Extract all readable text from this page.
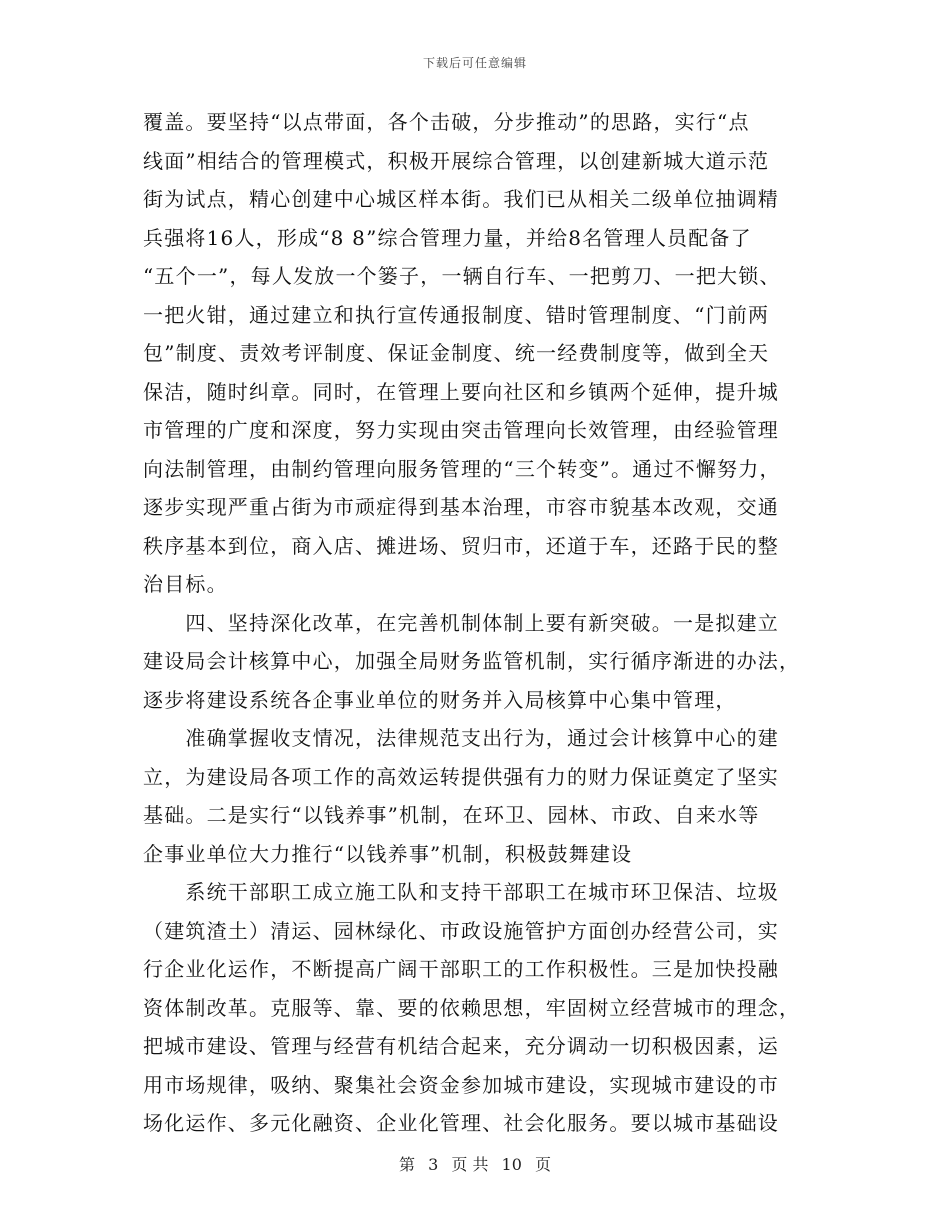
下载后可任意编辑
覆盖。要坚持“以点带面，各个击破，分步推动”的思路，实行“点
线面”相结合的管理模式，积极开展综合管理，以创建新城大道示范
街为试点，精心创建中心城区样本街。我们已从相关二级单位抽调精
兵强将16人，形成“8 8”综合管理力量，并给8名管理人员配备了
“五个一”，每人发放一个篓子，一辆自行车、一把剪刀、一把大锁、
一把火钳，通过建立和执行宣传通报制度、错时管理制度、“门前两
包”制度、责效考评制度、保证金制度、统一经费制度等，做到全天
保洁，随时纠章。同时，在管理上要向社区和乡镇两个延伸，提升城
市管理的广度和深度，努力实现由突击管理向长效管理，由经验管理
向法制管理，由制约管理向服务管理的“三个转变”。通过不懈努力，
逐步实现严重占街为市顽症得到基本治理，市容市貌基本改观，交通
秩序基本到位，商入店、摊进场、贸归市，还道于车，还路于民的整
治目标。
　　四、坚持深化改革，在完善机制体制上要有新突破。一是拟建立
建设局会计核算中心，加强全局财务监管机制，实行循序渐进的办法，
逐步将建设系统各企事业单位的财务并入局核算中心集中管理，
　　准确掌握收支情况，法律规范支出行为，通过会计核算中心的建
立，为建设局各项工作的高效运转提供强有力的财力保证奠定了坚实
基础。二是实行“以钱养事”机制，在环卫、园林、市政、自来水等
企事业单位大力推行“以钱养事”机制，积极鼓舞建设
　　系统干部职工成立施工队和支持干部职工在城市环卫保洁、垃圾
（建筑渣土）清运、园林绿化、市政设施管护方面创办经营公司，实
行企业化运作，不断提高广阔干部职工的工作积极性。三是加快投融
资体制改革。克服等、靠、要的依赖思想，牢固树立经营城市的理念，
把城市建设、管理与经营有机结合起来，充分调动一切积极因素，运
用市场规律，吸纳、聚集社会资金参加城市建设，实现城市建设的市
场化运作、多元化融资、企业化管理、社会化服务。要以城市基础设
第 3 页 共 10 页
